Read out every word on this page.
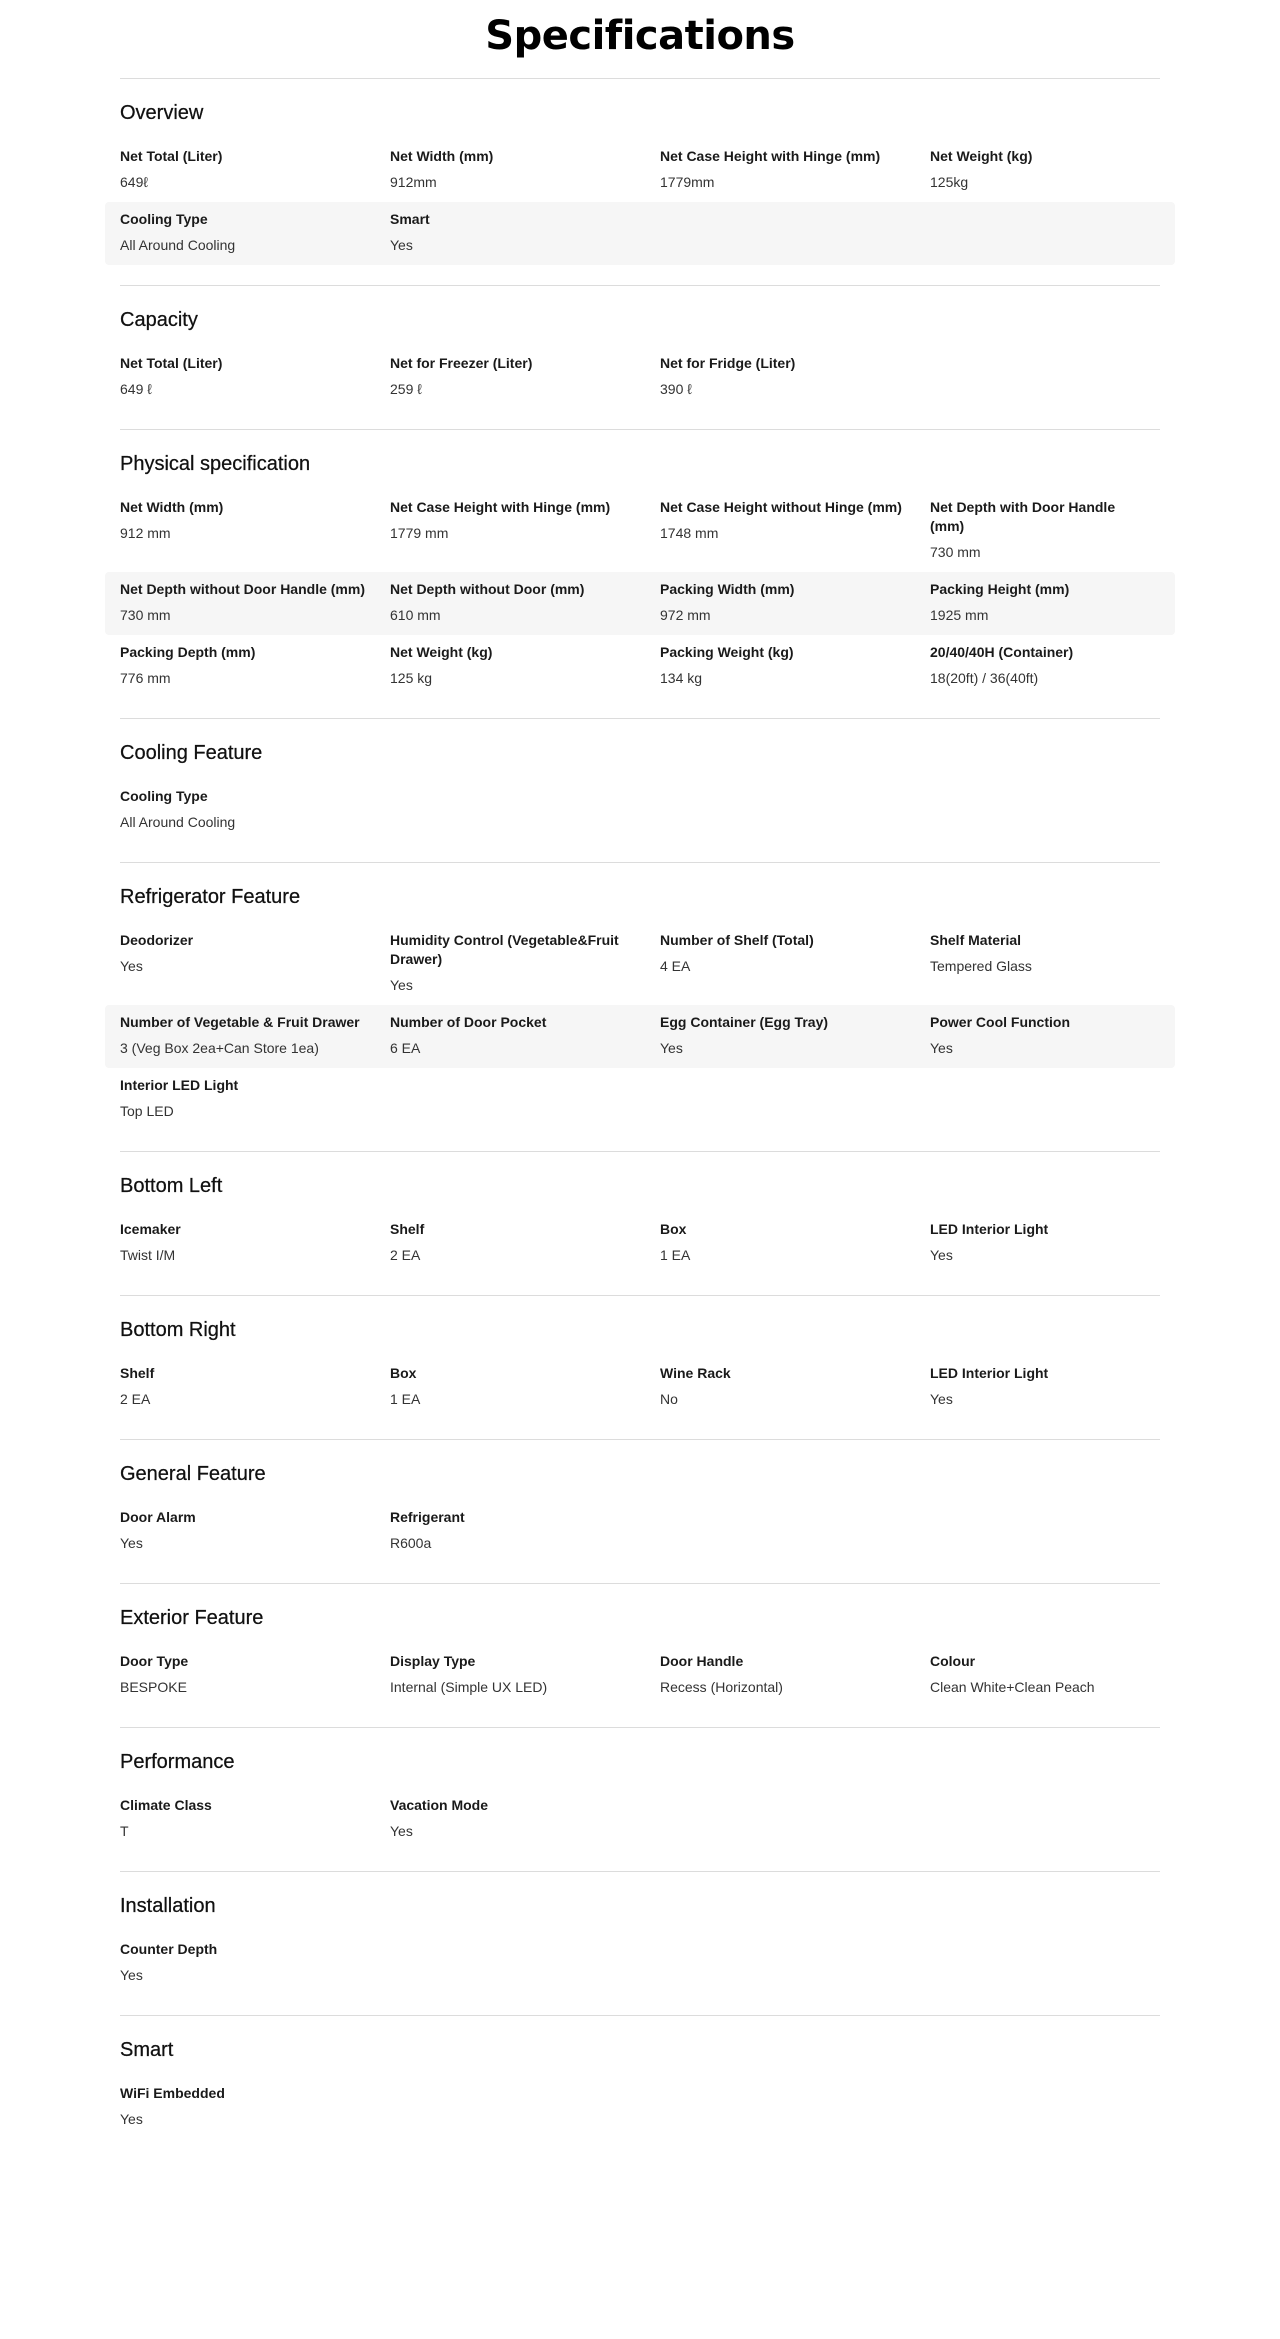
Specifications
Overview
Net Total (Liter)
649ℓ
Net Width (mm)
912mm
Net Case Height with Hinge (mm)
1779mm
Net Weight (kg)
125kg
Cooling Type
All Around Cooling
Smart
Yes
Capacity
Net Total (Liter)
649 ℓ
Net for Freezer (Liter)
259 ℓ
Net for Fridge (Liter)
390 ℓ
Physical specification
Net Width (mm)
912 mm
Net Case Height with Hinge (mm)
1779 mm
Net Case Height without Hinge (mm)
1748 mm
Net Depth with Door Handle (mm)
730 mm
Net Depth without Door Handle (mm)
730 mm
Net Depth without Door (mm)
610 mm
Packing Width (mm)
972 mm
Packing Height (mm)
1925 mm
Packing Depth (mm)
776 mm
Net Weight (kg)
125 kg
Packing Weight (kg)
134 kg
20/40/40H (Container)
18(20ft) / 36(40ft)
Cooling Feature
Cooling Type
All Around Cooling
Refrigerator Feature
Deodorizer
Yes
Humidity Control (Vegetable&Fruit Drawer)
Yes
Number of Shelf (Total)
4 EA
Shelf Material
Tempered Glass
Number of Vegetable & Fruit Drawer
3 (Veg Box 2ea+Can Store 1ea)
Number of Door Pocket
6 EA
Egg Container (Egg Tray)
Yes
Power Cool Function
Yes
Interior LED Light
Top LED
Bottom Left
Icemaker
Twist I/M
Shelf
2 EA
Box
1 EA
LED Interior Light
Yes
Bottom Right
Shelf
2 EA
Box
1 EA
Wine Rack
No
LED Interior Light
Yes
General Feature
Door Alarm
Yes
Refrigerant
R600a
Exterior Feature
Door Type
BESPOKE
Display Type
Internal (Simple UX LED)
Door Handle
Recess (Horizontal)
Colour
Clean White+Clean Peach
Performance
Climate Class
T
Vacation Mode
Yes
Installation
Counter Depth
Yes
Smart
WiFi Embedded
Yes
